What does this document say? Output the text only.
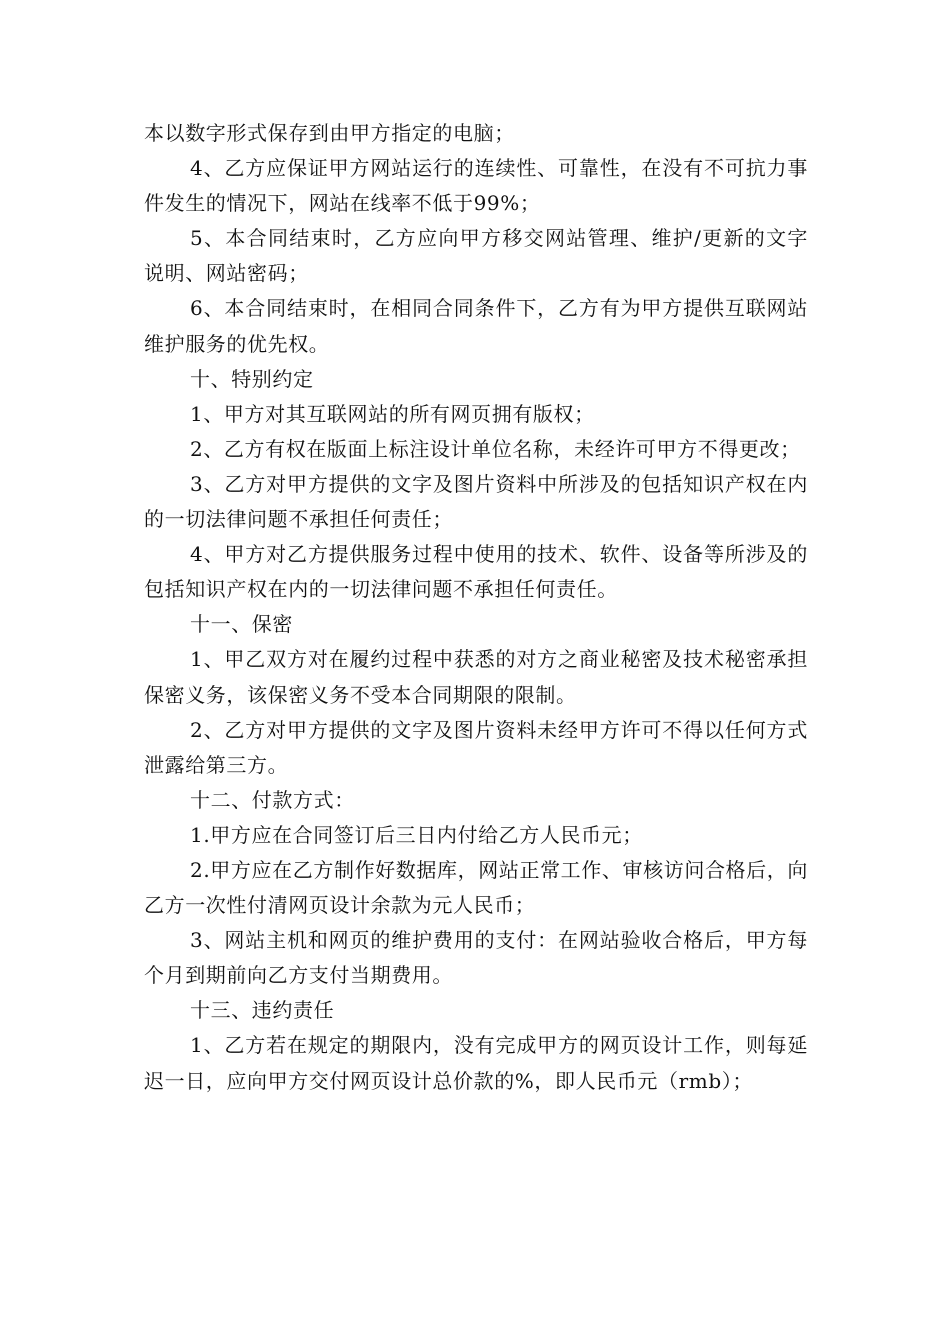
本以数字形式保存到由甲方指定的电脑；

4、乙方应保证甲方网站运行的连续性、可靠性，在没有不可抗力事件发生的情况下，网站在线率不低于99%；

5、本合同结束时，乙方应向甲方移交网站管理、维护/更新的文字说明、网站密码；

6、本合同结束时，在相同合同条件下，乙方有为甲方提供互联网站维护服务的优先权。

十、特别约定

1、甲方对其互联网站的所有网页拥有版权；

2、乙方有权在版面上标注设计单位名称，未经许可甲方不得更改；

3、乙方对甲方提供的文字及图片资料中所涉及的包括知识产权在内的一切法律问题不承担任何责任；

4、甲方对乙方提供服务过程中使用的技术、软件、设备等所涉及的包括知识产权在内的一切法律问题不承担任何责任。

十一、保密

1、甲乙双方对在履约过程中获悉的对方之商业秘密及技术秘密承担保密义务，该保密义务不受本合同期限的限制。

2、乙方对甲方提供的文字及图片资料未经甲方许可不得以任何方式泄露给第三方。

十二、付款方式：

1.甲方应在合同签订后三日内付给乙方人民币元；

2.甲方应在乙方制作好数据库，网站正常工作、审核访问合格后，向乙方一次性付清网页设计余款为元人民币；

3、网站主机和网页的维护费用的支付：在网站验收合格后，甲方每个月到期前向乙方支付当期费用。

十三、违约责任

1、乙方若在规定的期限内，没有完成甲方的网页设计工作，则每延迟一日，应向甲方交付网页设计总价款的%，即人民币元（rmb）；
